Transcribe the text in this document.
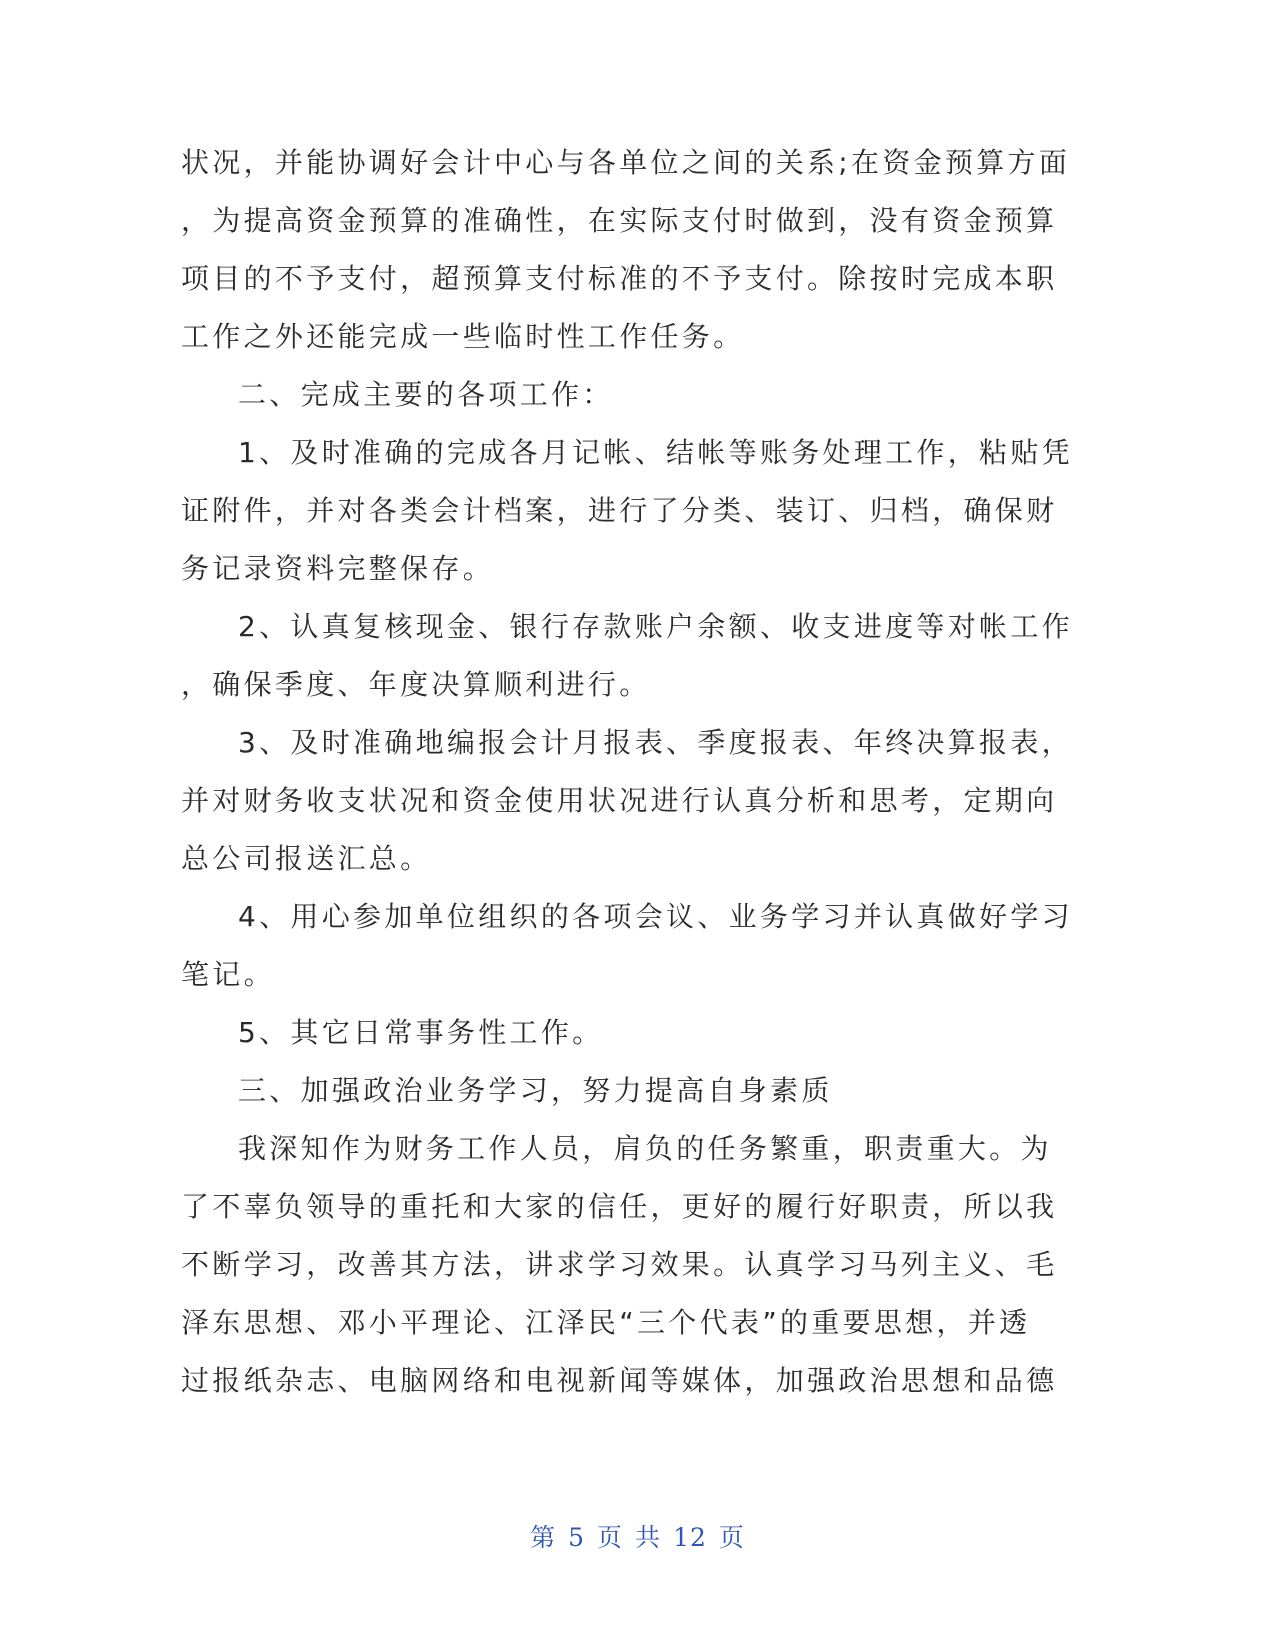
状况，并能协调好会计中心与各单位之间的关系;在资金预算方面
，为提高资金预算的准确性，在实际支付时做到，没有资金预算
项目的不予支付，超预算支付标准的不予支付。除按时完成本职
工作之外还能完成一些临时性工作任务。
二、完成主要的各项工作：
1、及时准确的完成各月记帐、结帐等账务处理工作，粘贴凭
证附件，并对各类会计档案，进行了分类、装订、归档，确保财
务记录资料完整保存。
2、认真复核现金、银行存款账户余额、收支进度等对帐工作
，确保季度、年度决算顺利进行。
3、及时准确地编报会计月报表、季度报表、年终决算报表，
并对财务收支状况和资金使用状况进行认真分析和思考，定期向
总公司报送汇总。
4、用心参加单位组织的各项会议、业务学习并认真做好学习
笔记。
5、其它日常事务性工作。
三、加强政治业务学习，努力提高自身素质
我深知作为财务工作人员，肩负的任务繁重，职责重大。为
了不辜负领导的重托和大家的信任，更好的履行好职责，所以我
不断学习，改善其方法，讲求学习效果。认真学习马列主义、毛
泽东思想、邓小平理论、江泽民“三个代表”的重要思想，并透
过报纸杂志、电脑网络和电视新闻等媒体，加强政治思想和品德
第 5 页 共 12 页
